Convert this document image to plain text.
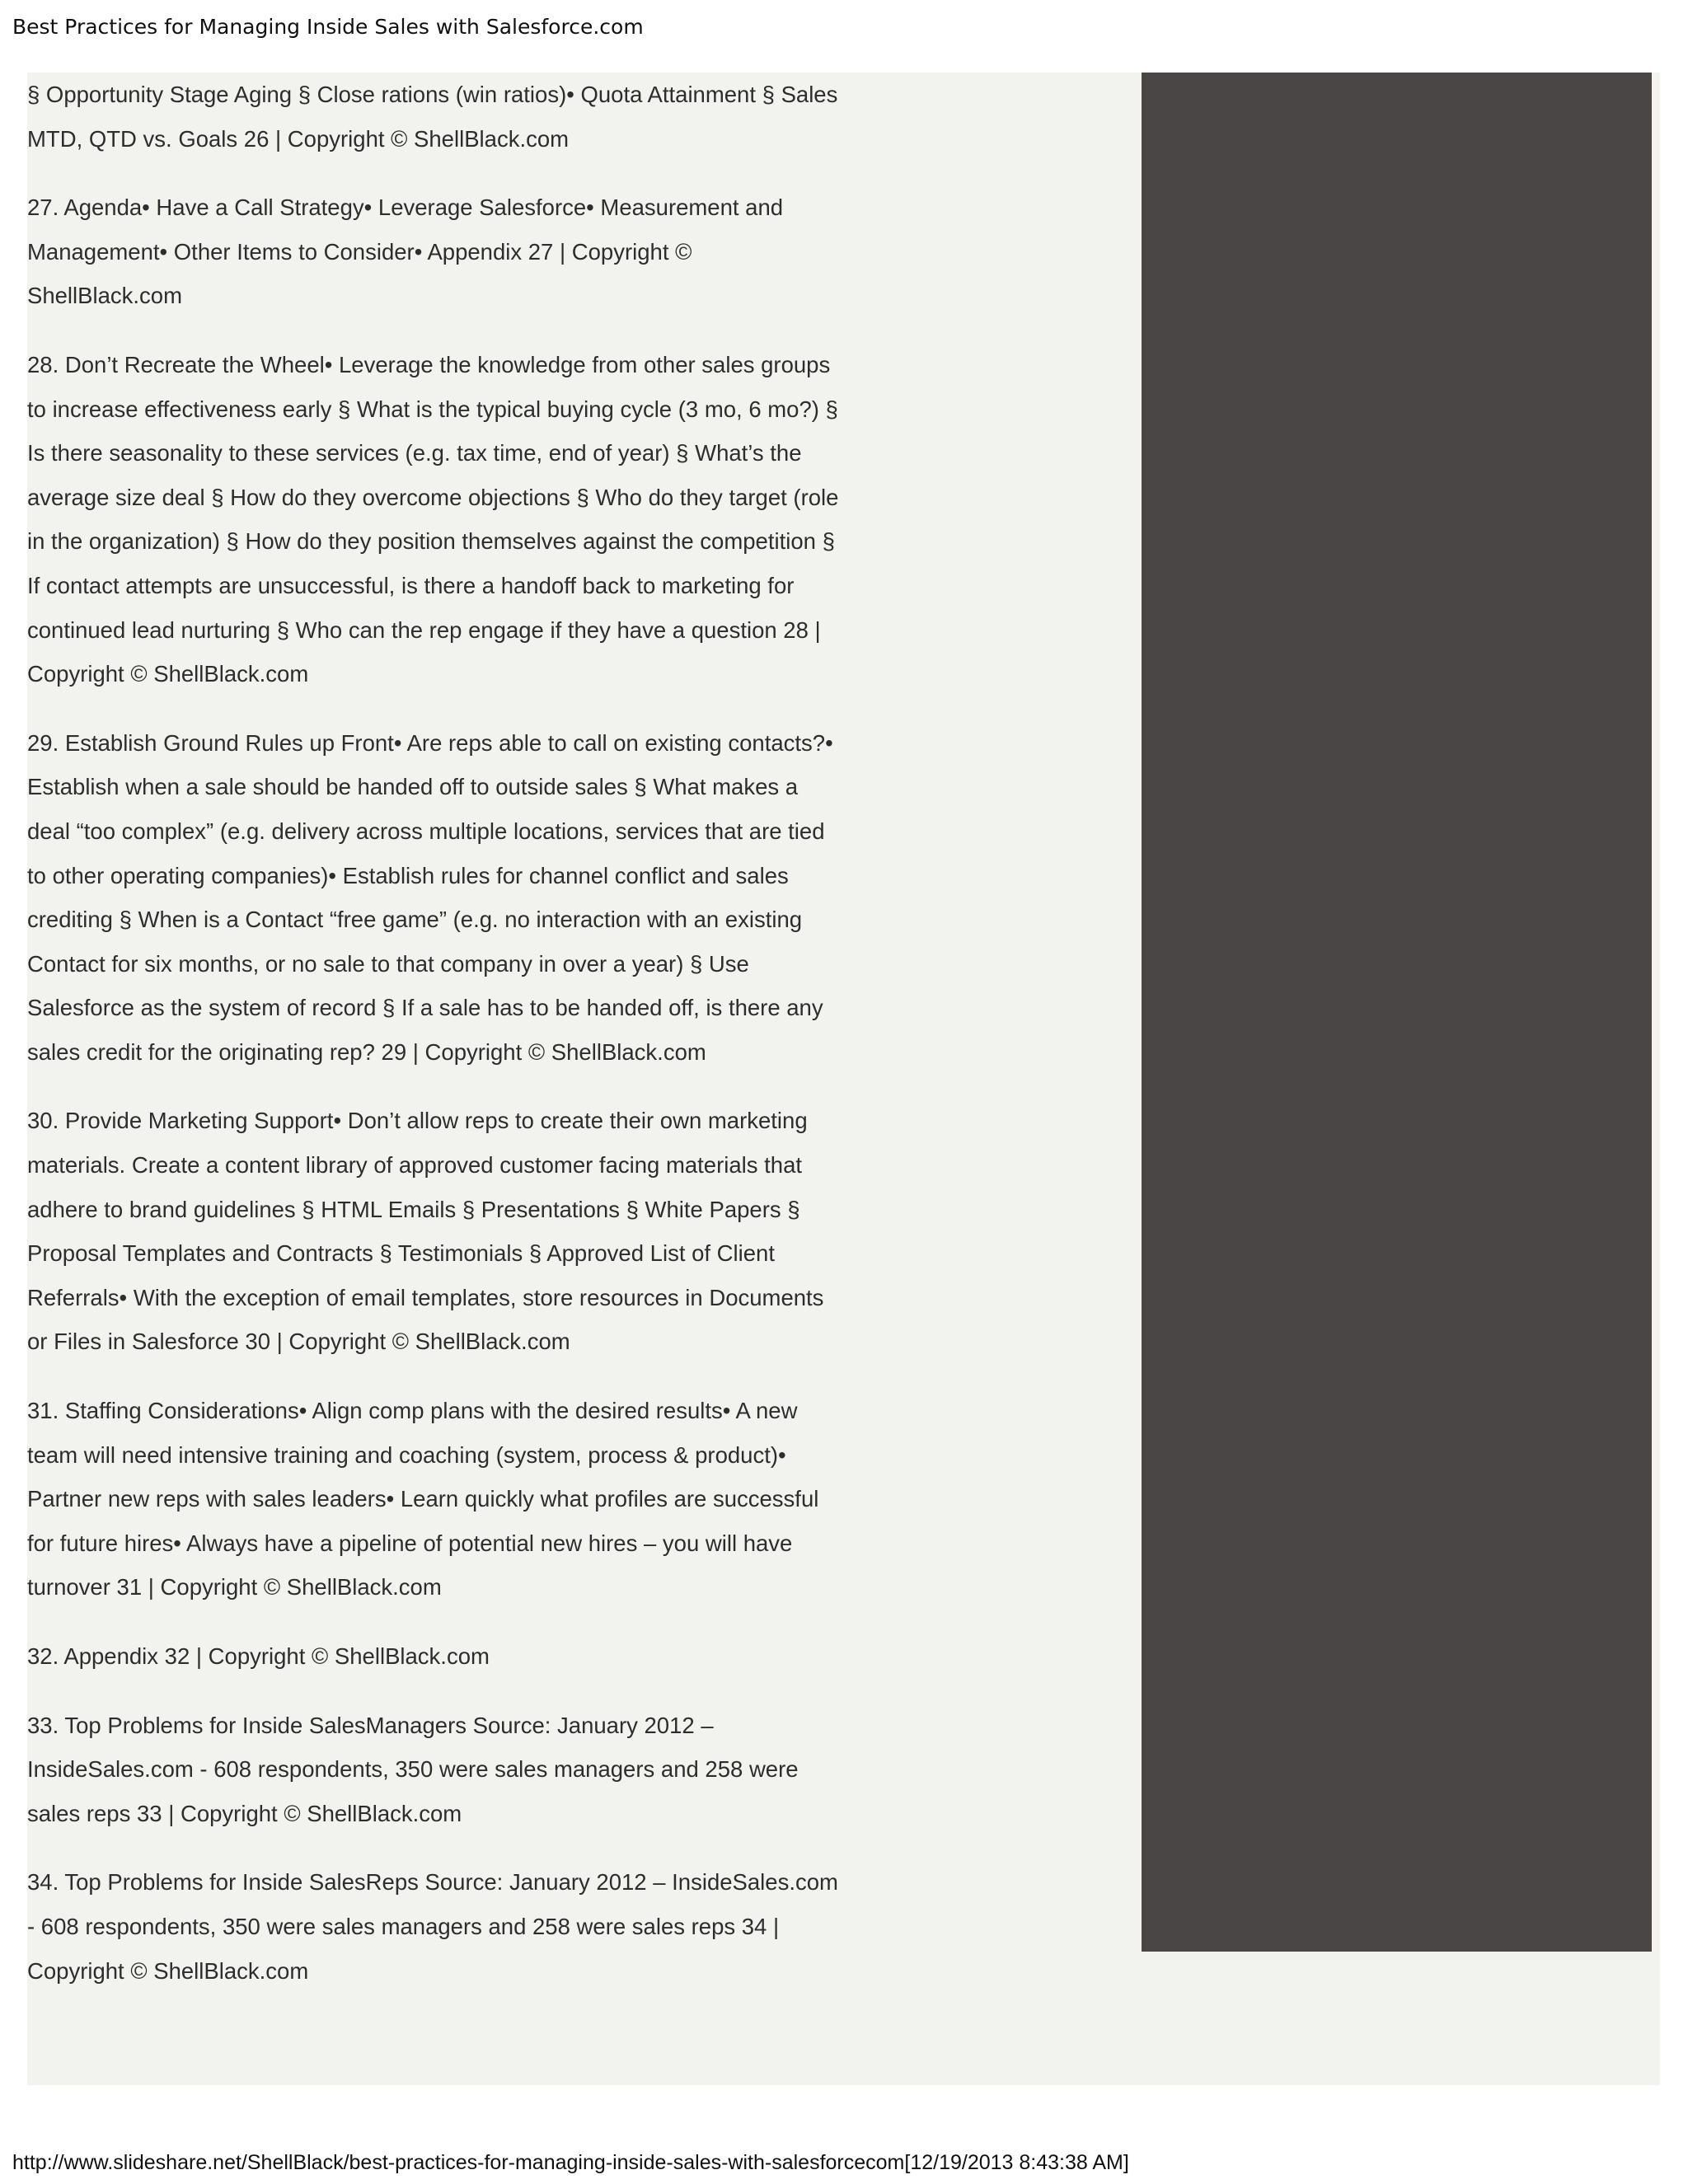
Best Practices for Managing Inside Sales with Salesforce.com

§ Opportunity Stage Aging § Close rations (win ratios)• Quota Attainment § Sales MTD, QTD vs. Goals 26 | Copyright © ShellBlack.com

27. Agenda• Have a Call Strategy• Leverage Salesforce• Measurement and Management• Other Items to Consider• Appendix 27 | Copyright © ShellBlack.com

28. Don’t Recreate the Wheel• Leverage the knowledge from other sales groups to increase effectiveness early § What is the typical buying cycle (3 mo, 6 mo?) § Is there seasonality to these services (e.g. tax time, end of year) § What’s the average size deal § How do they overcome objections § Who do they target (role in the organization) § How do they position themselves against the competition § If contact attempts are unsuccessful, is there a handoff back to marketing for continued lead nurturing § Who can the rep engage if they have a question 28 | Copyright © ShellBlack.com

29. Establish Ground Rules up Front• Are reps able to call on existing contacts?• Establish when a sale should be handed off to outside sales § What makes a deal “too complex” (e.g. delivery across multiple locations, services that are tied to other operating companies)• Establish rules for channel conflict and sales crediting § When is a Contact “free game” (e.g. no interaction with an existing Contact for six months, or no sale to that company in over a year) § Use Salesforce as the system of record § If a sale has to be handed off, is there any sales credit for the originating rep? 29 | Copyright © ShellBlack.com

30. Provide Marketing Support• Don’t allow reps to create their own marketing materials. Create a content library of approved customer facing materials that adhere to brand guidelines § HTML Emails § Presentations § White Papers § Proposal Templates and Contracts § Testimonials § Approved List of Client Referrals• With the exception of email templates, store resources in Documents or Files in Salesforce 30 | Copyright © ShellBlack.com

31. Staffing Considerations• Align comp plans with the desired results• A new team will need intensive training and coaching (system, process & product)• Partner new reps with sales leaders• Learn quickly what profiles are successful for future hires• Always have a pipeline of potential new hires – you will have turnover 31 | Copyright © ShellBlack.com

32. Appendix 32 | Copyright © ShellBlack.com

33. Top Problems for Inside SalesManagers Source: January 2012 – InsideSales.com - 608 respondents, 350 were sales managers and 258 were sales reps 33 | Copyright © ShellBlack.com

34. Top Problems for Inside SalesReps Source: January 2012 – InsideSales.com - 608 respondents, 350 were sales managers and 258 were sales reps 34 | Copyright © ShellBlack.com

http://www.slideshare.net/ShellBlack/best-practices-for-managing-inside-sales-with-salesforcecom[12/19/2013 8:43:38 AM]
